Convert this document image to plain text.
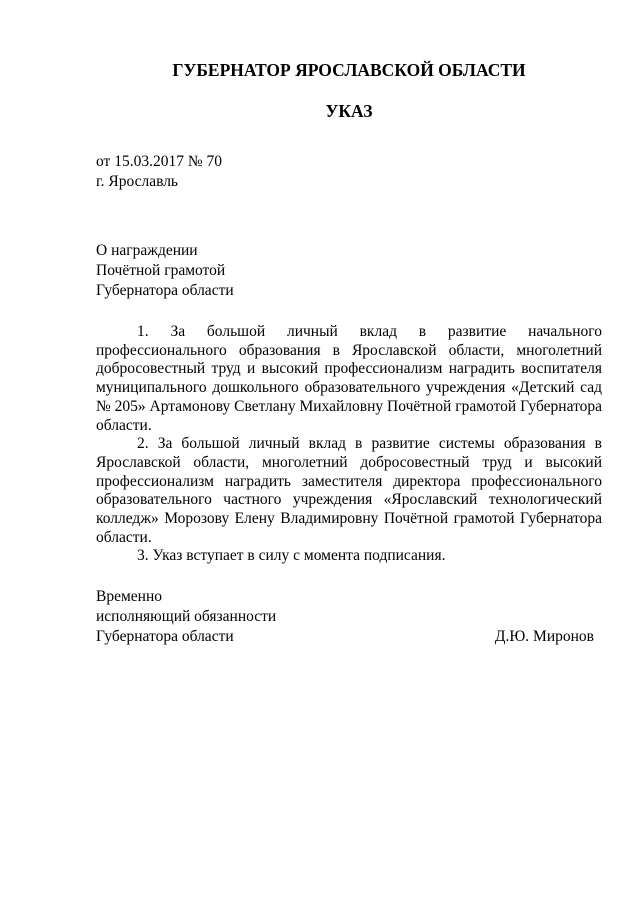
ГУБЕРНАТОР ЯРОСЛАВСКОЙ ОБЛАСТИ
УКАЗ
от 15.03.2017 № 70
г. Ярославль
О награждении
Почётной грамотой
Губернатора области

1. За большой личный вклад в развитие начального профессионального образования в Ярославской области, многолетний добросовестный труд и высокий профессионализм наградить воспитателя муниципального дошкольного образовательного учреждения «Детский сад № 205» Артамонову Светлану Михайловну Почётной грамотой Губернатора области.

2. За большой личный вклад в развитие системы образования в Ярославской области, многолетний добросовестный труд и высокий профессионализм наградить заместителя директора профессионального образовательного частного учреждения «Ярославский технологический колледж» Морозову Елену Владимировну Почётной грамотой Губернатора области.

3. Указ вступает в силу с момента подписания.

Временно
исполняющий обязанности
Губернатора области	Д.Ю. Миронов
